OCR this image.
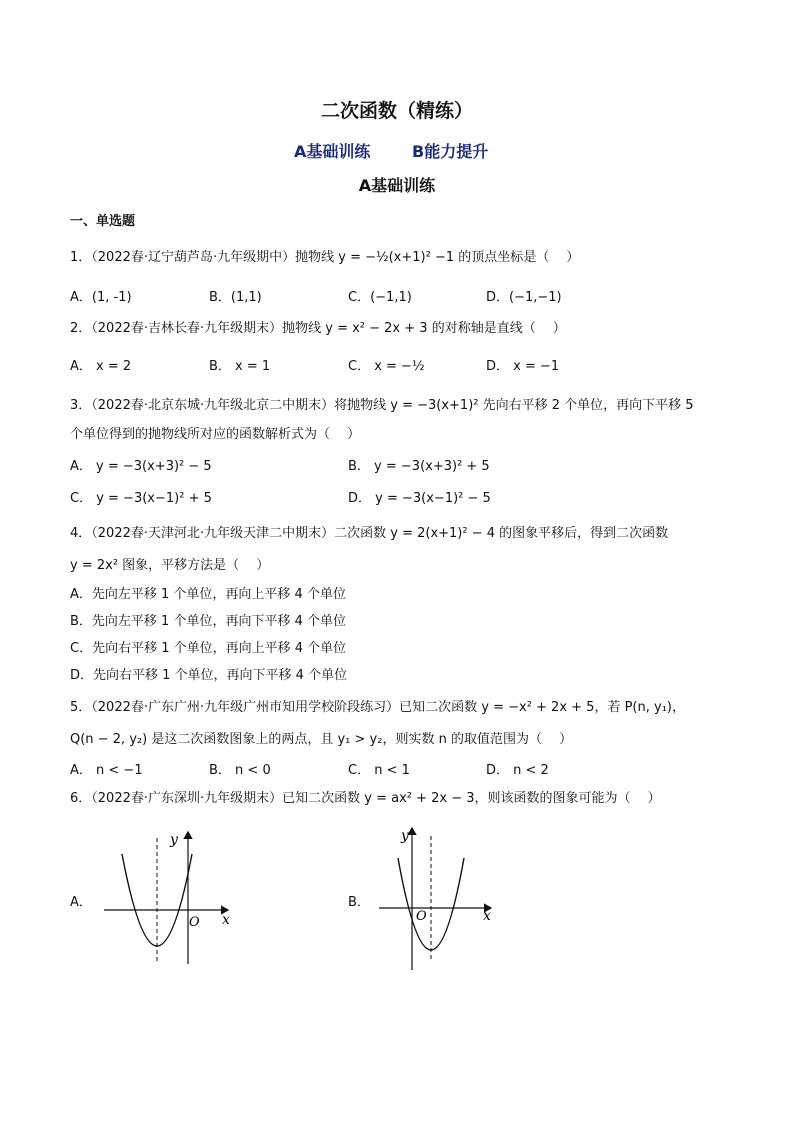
二次函数（精练）
A基础训练	B能力提升
A基础训练
一、单选题
1．（2022春·辽宁葫芦岛·九年级期中）抛物线 y = −½(x+1)² −1 的顶点坐标是（　 ）
A．(1, -1)	B．(1,1)	C．(−1,1)	D．(−1,−1)
2．（2022春·吉林长春·九年级期末）抛物线 y = x² − 2x + 3 的对称轴是直线（　 ）
A． x = 2	B． x = 1	C． x = −½	D． x = −1
3．（2022春·北京东城·九年级北京二中期末）将抛物线 y = −3(x+1)² 先向右平移 2 个单位，再向下平移 5
个单位得到的抛物线所对应的函数解析式为（　 ）
A． y = −3(x+3)² − 5	B． y = −3(x+3)² + 5
C． y = −3(x−1)² + 5	D． y = −3(x−1)² − 5
4．（2022春·天津河北·九年级天津二中期末）二次函数 y = 2(x+1)² − 4 的图象平移后，得到二次函数
y = 2x² 图象，平移方法是（　 ）
A．先向左平移 1 个单位，再向上平移 4 个单位
B．先向左平移 1 个单位，再向下平移 4 个单位
C．先向右平移 1 个单位，再向上平移 4 个单位
D．先向右平移 1 个单位，再向下平移 4 个单位
5．（2022春·广东广州·九年级广州市知用学校阶段练习）已知二次函数 y = −x² + 2x + 5，若 P(n, y₁)，
Q(n − 2, y₂) 是这二次函数图象上的两点，且 y₁ > y₂，则实数 n 的取值范围为（　 ）
A． n < −1	B． n < 0	C． n < 1	D． n < 2
6．（2022春·广东深圳·九年级期末）已知二次函数 y = ax² + 2x − 3，则该函数的图象可能为（　 ）
A．	B．
y
O x
y
O	x
